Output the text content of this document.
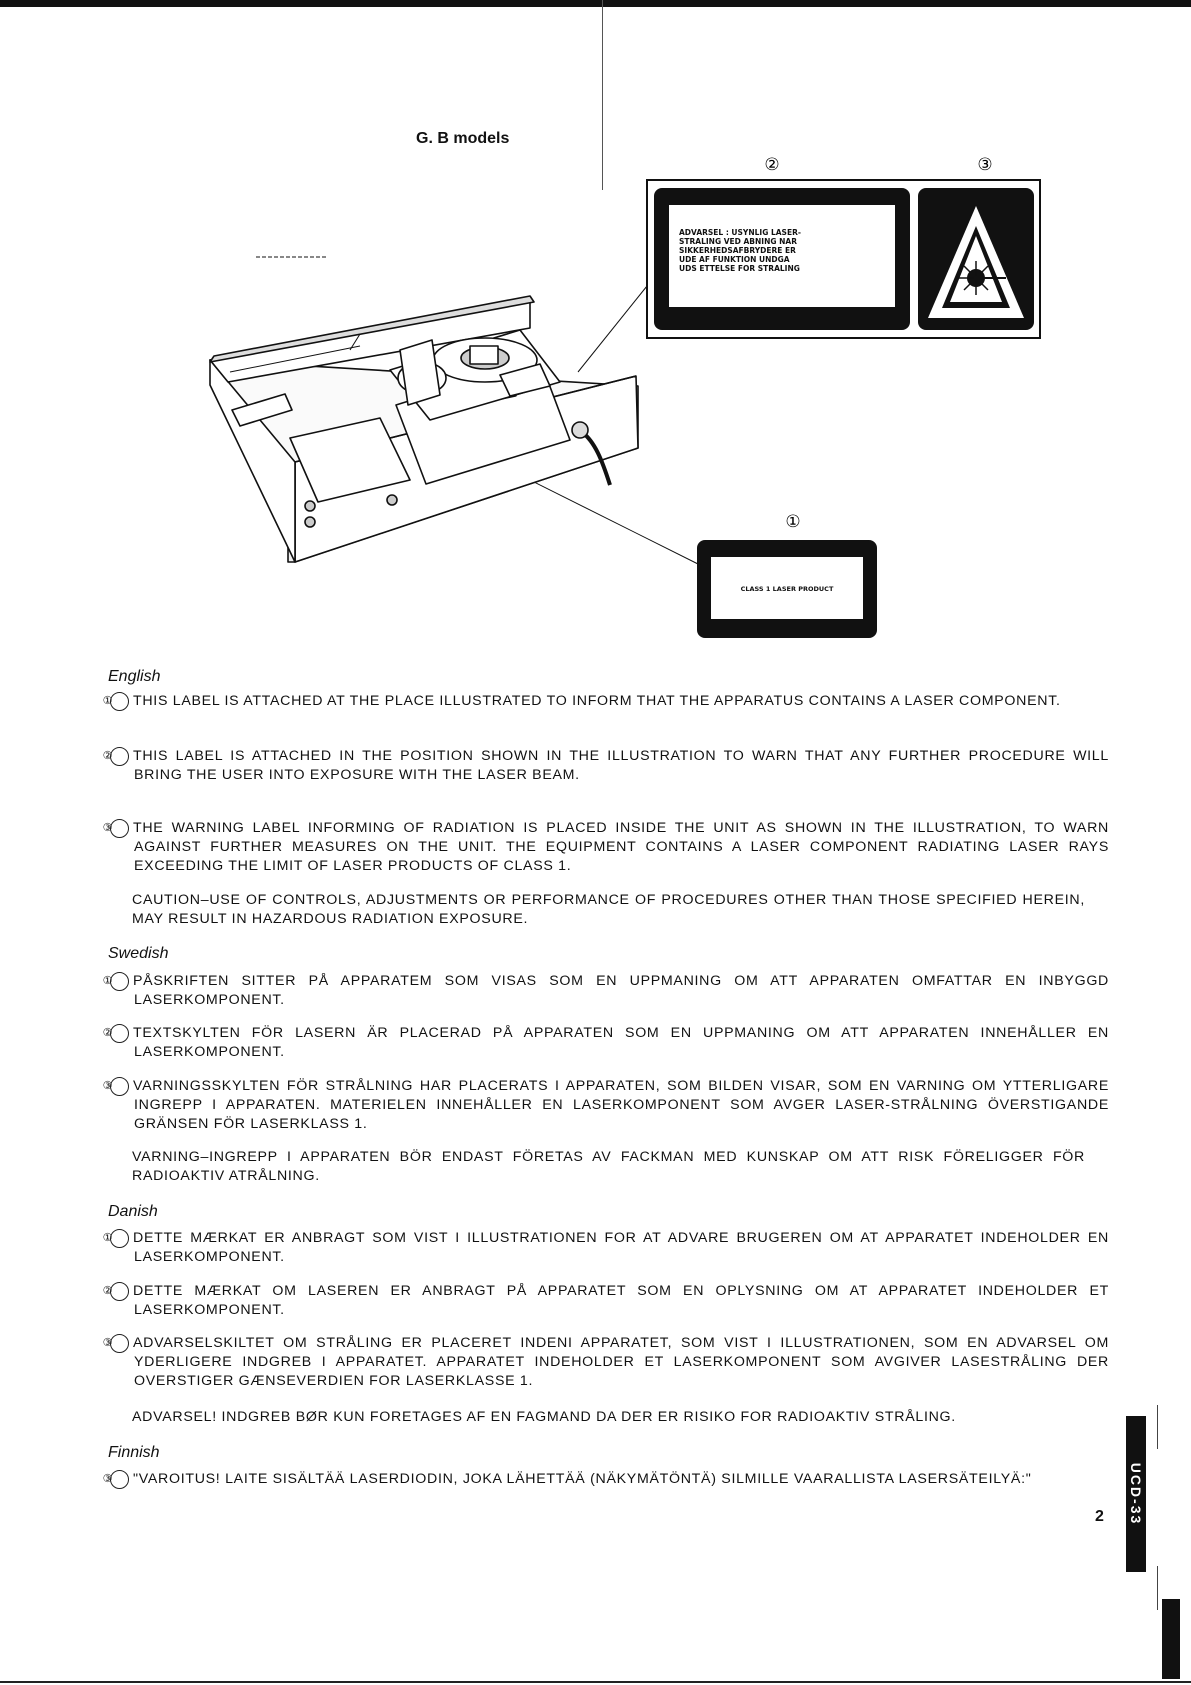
G. B models
②	③
①
ADVARSEL : USYNLIG LASER-
STRALING VED ABNING NAR
SIKKERHEDSAFBRYDERE ER
UDE AF FUNKTION UNDGA
UDS ETTELSE FOR STRALING
CLASS 1 LASER PRODUCT
English
① THIS LABEL IS ATTACHED AT THE PLACE ILLUSTRATED TO INFORM THAT THE APPARATUS CONTAINS A LASER COMPONENT.
② THIS LABEL IS ATTACHED IN THE POSITION SHOWN IN THE ILLUSTRATION TO WARN THAT ANY FURTHER PROCEDURE WILL BRING THE USER INTO EXPOSURE WITH THE LASER BEAM.
③ THE WARNING LABEL INFORMING OF RADIATION IS PLACED INSIDE THE UNIT AS SHOWN IN THE ILLUSTRATION, TO WARN AGAINST FURTHER MEASURES ON THE UNIT. THE EQUIPMENT CONTAINS A LASER COMPONENT RADIATING LASER RAYS EXCEEDING THE LIMIT OF LASER PRODUCTS OF CLASS 1.
CAUTION–USE OF CONTROLS, ADJUSTMENTS OR PERFORMANCE OF PROCEDURES OTHER THAN THOSE SPECIFIED HEREIN, MAY RESULT IN HAZARDOUS RADIATION EXPOSURE.
Swedish
① PÅSKRIFTEN SITTER PÅ APPARATEM SOM VISAS SOM EN UPPMANING OM ATT APPARATEN OMFATTAR EN INBYGGD LASERKOMPONENT.
② TEXTSKYLTEN FÖR LASERN ÄR PLACERAD PÅ APPARATEN SOM EN UPPMANING OM ATT APPARATEN INNEHÅLLER EN LASERKOMPONENT.
③ VARNINGSSKYLTEN FÖR STRÅLNING HAR PLACERATS I APPARATEN, SOM BILDEN VISAR, SOM EN VARNING OM YTTERLIGARE INGREPP I APPARATEN. MATERIELEN INNEHÅLLER EN LASERKOMPONENT SOM AVGER LASER-STRÅLNING ÖVERSTIGANDE GRÄNSEN FÖR LASERKLASS 1.
VARNING–INGREPP I APPARATEN BÖR ENDAST FÖRETAS AV FACKMAN MED KUNSKAP OM ATT RISK FÖRELIGGER FÖR RADIOAKTIV ATRÅLNING.
Danish
① DETTE MÆRKAT ER ANBRAGT SOM VIST I ILLUSTRATIONEN FOR AT ADVARE BRUGEREN OM AT APPARATET INDEHOLDER EN LASERKOMPONENT.
② DETTE MÆRKAT OM LASEREN ER ANBRAGT PÅ APPARATET SOM EN OPLYSNING OM AT APPARATET INDEHOLDER ET LASERKOMPONENT.
③ ADVARSELSKILTET OM STRÅLING ER PLACERET INDENI APPARATET, SOM VIST I ILLUSTRATIONEN, SOM EN ADVARSEL OM YDERLIGERE INDGREB I APPARATET. APPARATET INDEHOLDER ET LASERKOMPONENT SOM AVGIVER LASESTRÅLING DER OVERSTIGER GÆNSEVERDIEN FOR LASERKLASSE 1.
ADVARSEL! INDGREB BØR KUN FORETAGES AF EN FAGMAND DA DER ER RISIKO FOR RADIOAKTIV STRÅLING.
Finnish
③ "VAROITUS! LAITE SISÄLTÄÄ LASERDIODIN, JOKA LÄHETTÄÄ (NÄKYMÄTÖNTÄ) SILMILLE VAARALLISTA LASERSÄTEILYÄ:"	UCD-33
2
